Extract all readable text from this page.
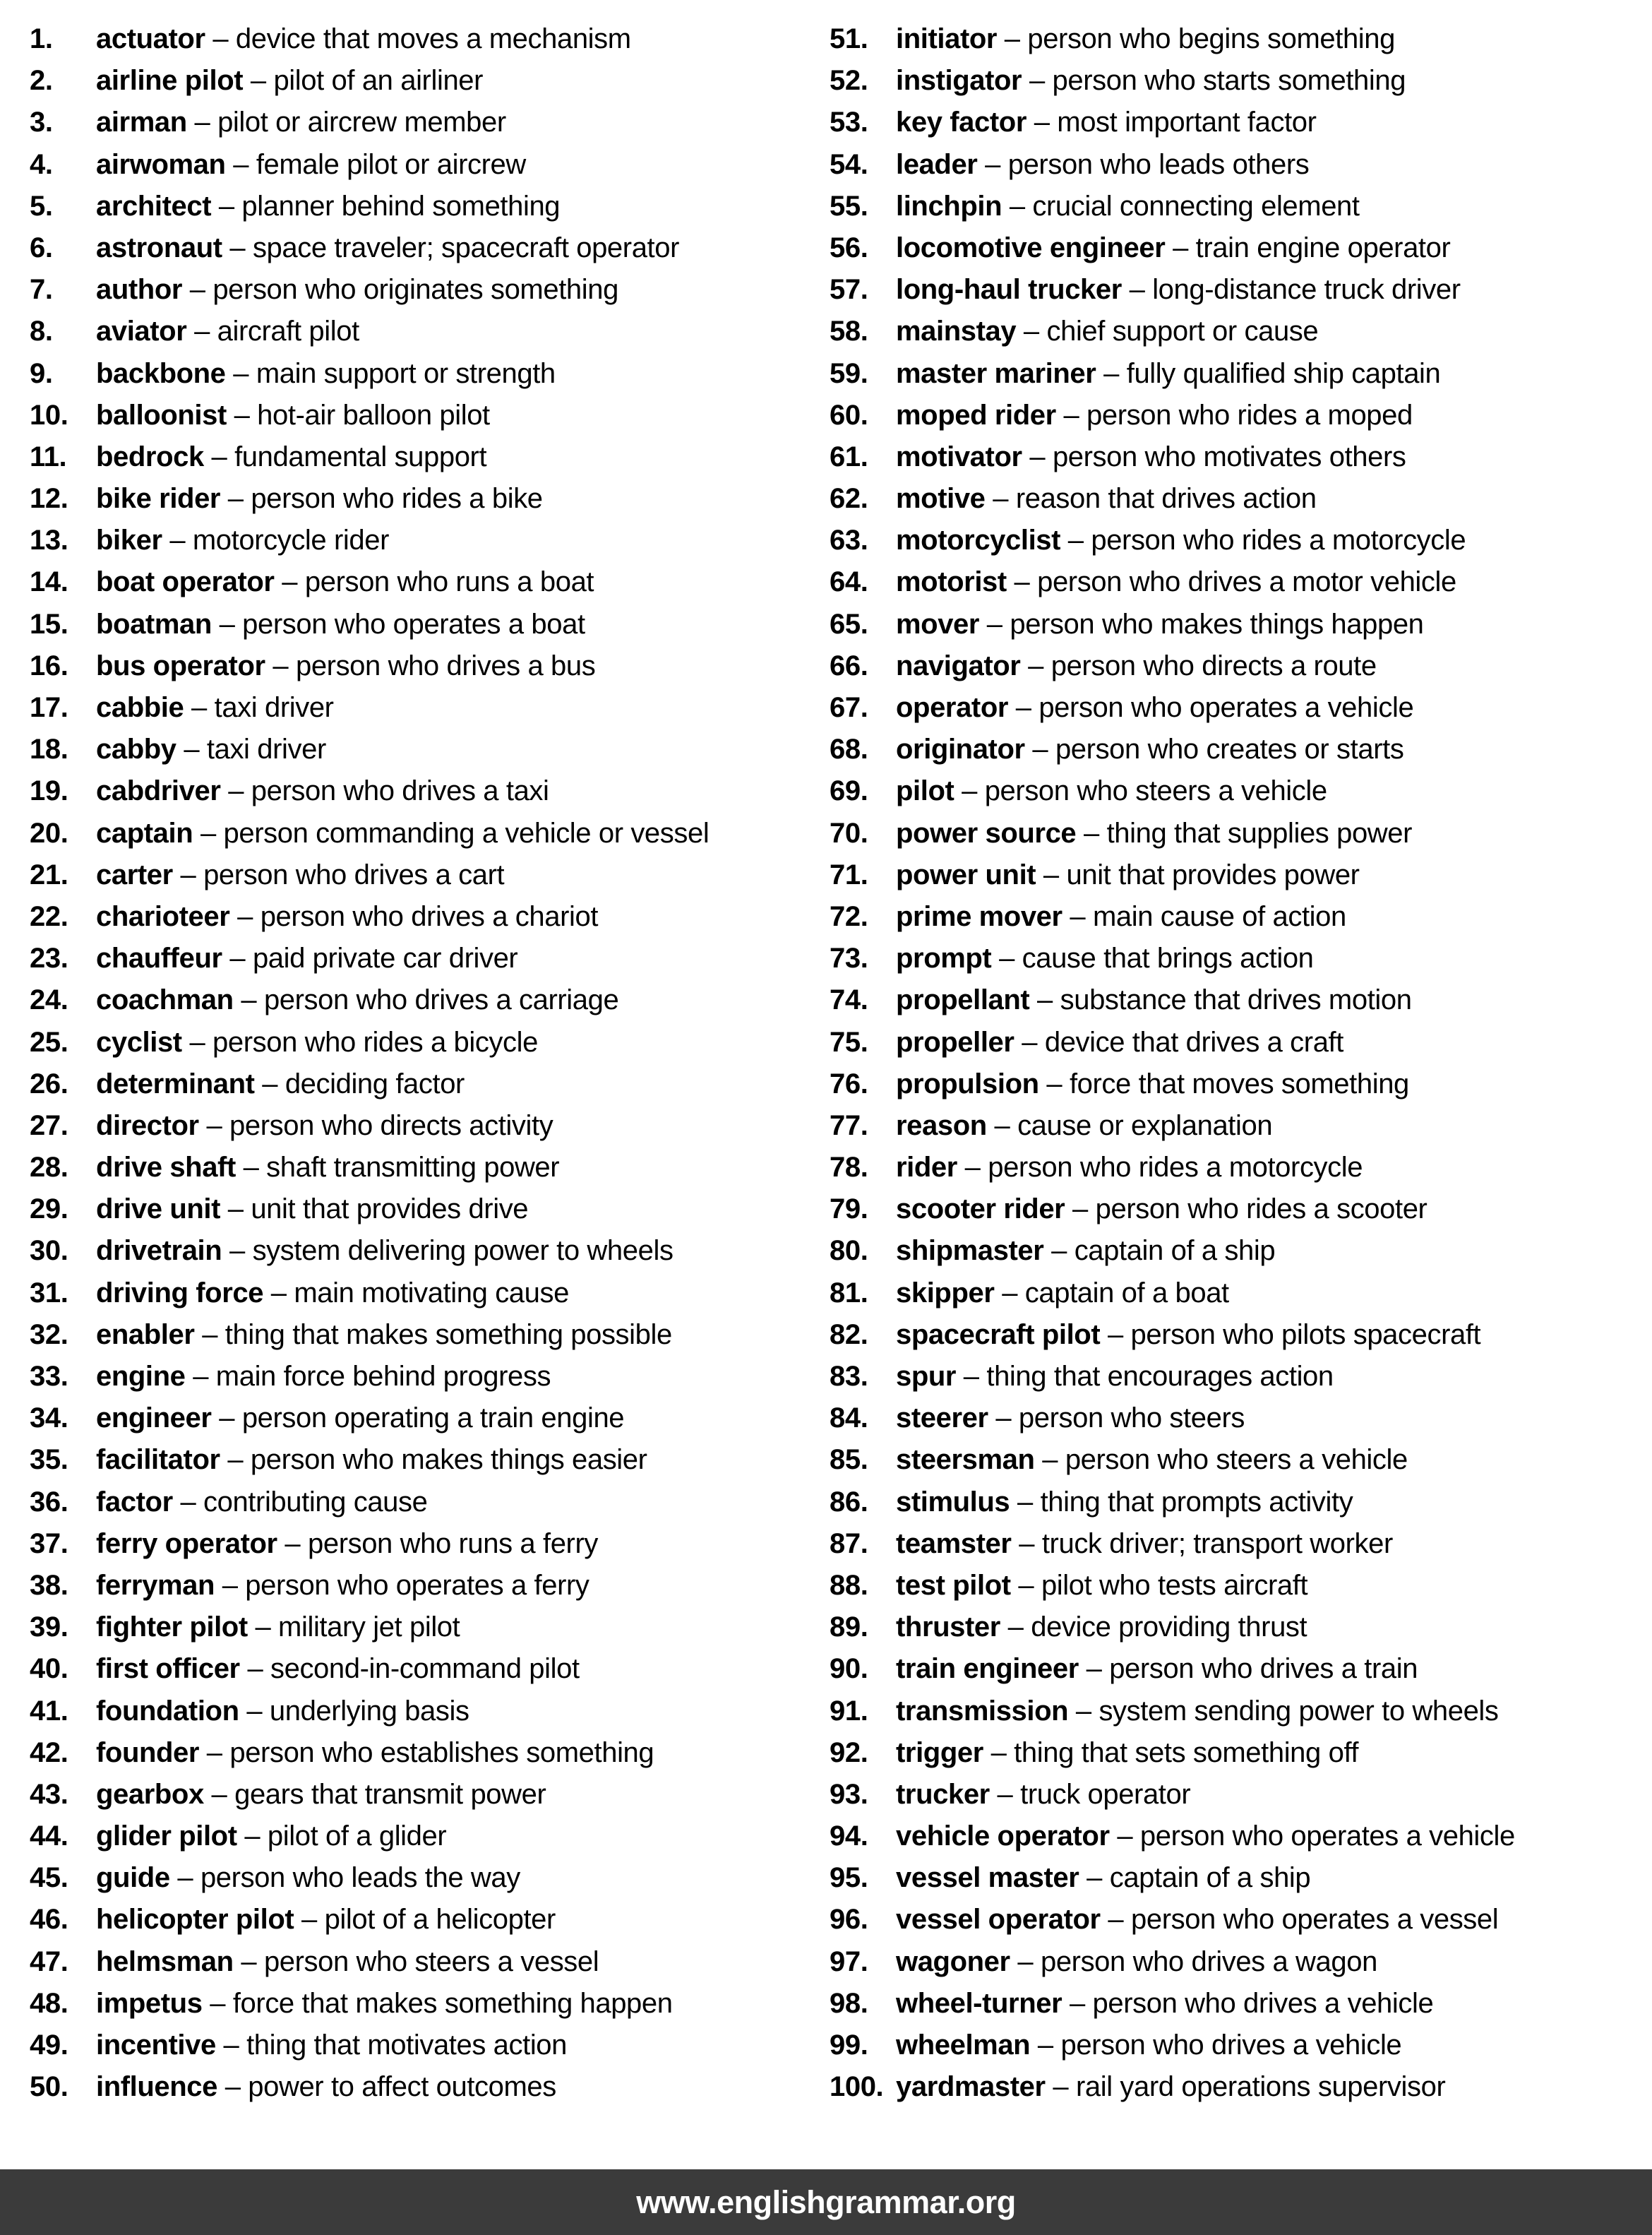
1.	actuator – device that moves a mechanism
2.	airline pilot – pilot of an airliner
3.	airman – pilot or aircrew member
4.	airwoman – female pilot or aircrew
5.	architect – planner behind something
6.	astronaut – space traveler; spacecraft operator
7.	author – person who originates something
8.	aviator – aircraft pilot
9.	backbone – main support or strength
10. balloonist – hot-air balloon pilot
11.	bedrock – fundamental support
12. bike rider – person who rides a bike
13. biker – motorcycle rider
14. boat operator – person who runs a boat
15. boatman – person who operates a boat
16. bus operator – person who drives a bus
17. cabbie – taxi driver
18. cabby – taxi driver
19. cabdriver – person who drives a taxi
20. captain – person commanding a vehicle or vessel
21. carter – person who drives a cart
22. charioteer – person who drives a chariot
23. chauffeur – paid private car driver
24. coachman – person who drives a carriage
25. cyclist – person who rides a bicycle
26. determinant – deciding factor
27. director – person who directs activity
28. drive shaft – shaft transmitting power
29. drive unit – unit that provides drive
30. drivetrain – system delivering power to wheels
31. driving force – main motivating cause
32. enabler – thing that makes something possible
33. engine – main force behind progress
34. engineer – person operating a train engine
35. facilitator – person who makes things easier
36. factor – contributing cause
37. ferry operator – person who runs a ferry
38. ferryman – person who operates a ferry
39. fighter pilot – military jet pilot
40. first officer – second-in-command pilot
41. foundation – underlying basis
42. founder – person who establishes something
43. gearbox – gears that transmit power
44. glider pilot – pilot of a glider
45. guide – person who leads the way
46. helicopter pilot – pilot of a helicopter
47. helmsman – person who steers a vessel
48. impetus – force that makes something happen
49. incentive – thing that motivates action
50. influence – power to affect outcomes
51. initiator – person who begins something
52. instigator – person who starts something
53. key factor – most important factor
54. leader – person who leads others
55. linchpin – crucial connecting element
56. locomotive engineer – train engine operator
57. long-haul trucker – long-distance truck driver
58. mainstay – chief support or cause
59. master mariner – fully qualified ship captain
60. moped rider – person who rides a moped
61. motivator – person who motivates others
62. motive – reason that drives action
63. motorcyclist – person who rides a motorcycle
64. motorist – person who drives a motor vehicle
65. mover – person who makes things happen
66. navigator – person who directs a route
67. operator – person who operates a vehicle
68. originator – person who creates or starts
69. pilot – person who steers a vehicle
70. power source – thing that supplies power
71. power unit – unit that provides power
72. prime mover – main cause of action
73. prompt – cause that brings action
74. propellant – substance that drives motion
75. propeller – device that drives a craft
76. propulsion – force that moves something
77. reason – cause or explanation
78. rider – person who rides a motorcycle
79. scooter rider – person who rides a scooter
80. shipmaster – captain of a ship
81. skipper – captain of a boat
82. spacecraft pilot – person who pilots spacecraft
83. spur – thing that encourages action
84. steerer – person who steers
85. steersman – person who steers a vehicle
86. stimulus – thing that prompts activity
87. teamster – truck driver; transport worker
88. test pilot – pilot who tests aircraft
89. thruster – device providing thrust
90. train engineer – person who drives a train
91. transmission – system sending power to wheels
92. trigger – thing that sets something off
93. trucker – truck operator
94. vehicle operator – person who operates a vehicle
95. vessel master – captain of a ship
96. vessel operator – person who operates a vessel
97. wagoner – person who drives a wagon
98. wheel-turner – person who drives a vehicle
99. wheelman – person who drives a vehicle
100. yardmaster – rail yard operations supervisor
www.englishgrammar.org
